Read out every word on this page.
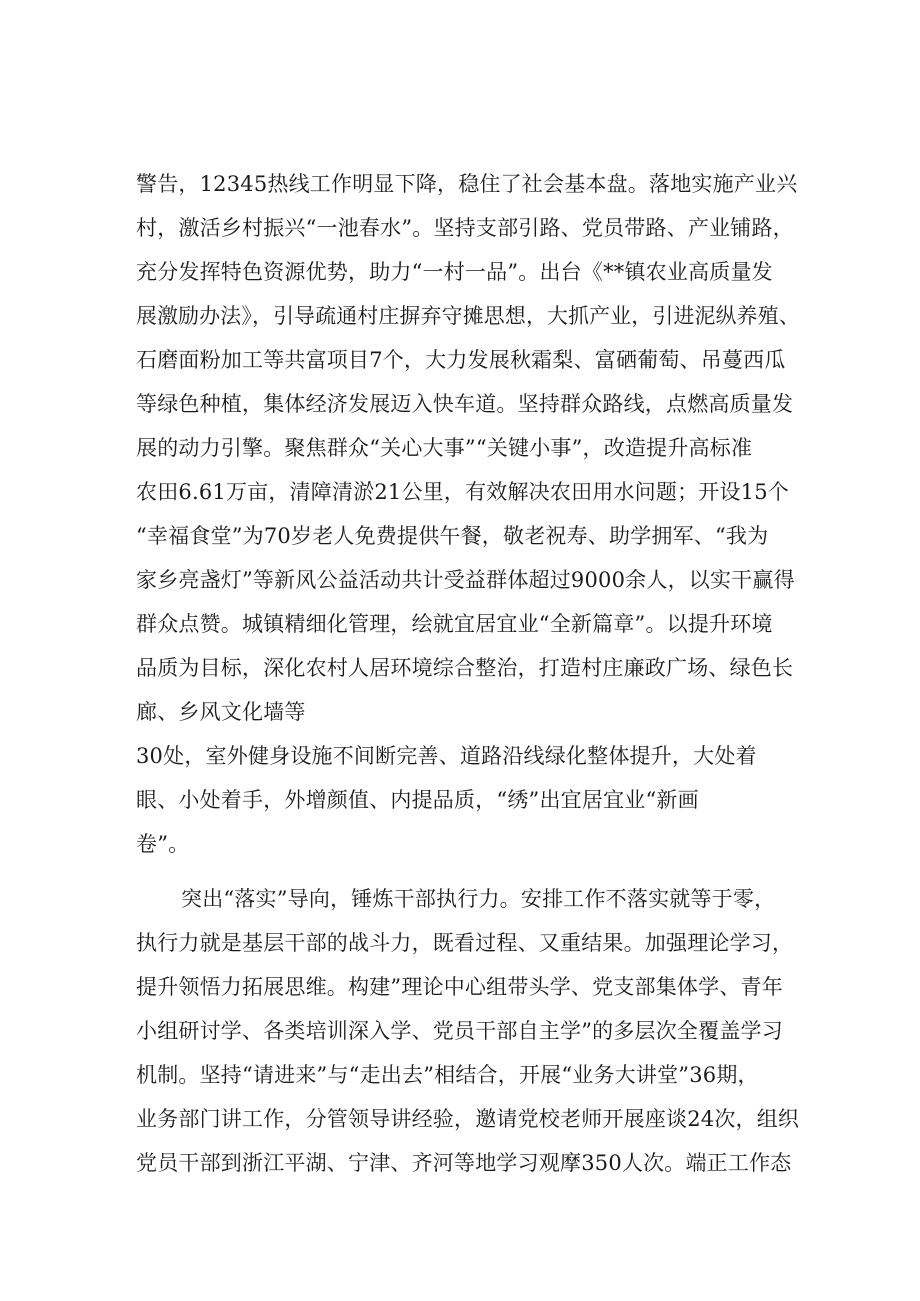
警告，12345热线工作明显下降，稳住了社会基本盘。落地实施产业兴

村，激活乡村振兴“一池春水”。坚持支部引路、党员带路、产业铺路，

充分发挥特色资源优势，助力“一村一品”。出台《**镇农业高质量发

展激励办法》，引导疏通村庄摒弃守摊思想，大抓产业，引进泥纵养殖、

石磨面粉加工等共富项目7个，大力发展秋霜梨、富硒葡萄、吊蔓西瓜

等绿色种植，集体经济发展迈入快车道。坚持群众路线，点燃高质量发

展的动力引擎。聚焦群众“关心大事”“关键小事”，改造提升高标准

农田6.61万亩，清障清淤21公里，有效解决农田用水问题；开设15个

“幸福食堂”为70岁老人免费提供午餐，敬老祝寿、助学拥军、“我为

家乡亮盏灯”等新风公益活动共计受益群体超过9000余人，以实干赢得

群众点赞。城镇精细化管理，绘就宜居宜业“全新篇章”。以提升环境

品质为目标，深化农村人居环境综合整治，打造村庄廉政广场、绿色长

廊、乡风文化墙等

30处，室外健身设施不间断完善、道路沿线绿化整体提升，大处着

眼、小处着手，外增颜值、内提品质，“绣”出宜居宜业“新画

卷”。

突出“落实”导向，锤炼干部执行力。安排工作不落实就等于零，

执行力就是基层干部的战斗力，既看过程、又重结果。加强理论学习，

提升领悟力拓展思维。构建”理论中心组带头学、党支部集体学、青年

小组研讨学、各类培训深入学、党员干部自主学”的多层次全覆盖学习

机制。坚持“请进来”与“走出去”相结合，开展“业务大讲堂”36期，

业务部门讲工作，分管领导讲经验，邀请党校老师开展座谈24次，组织

党员干部到浙江平湖、宁津、齐河等地学习观摩350人次。端正工作态
